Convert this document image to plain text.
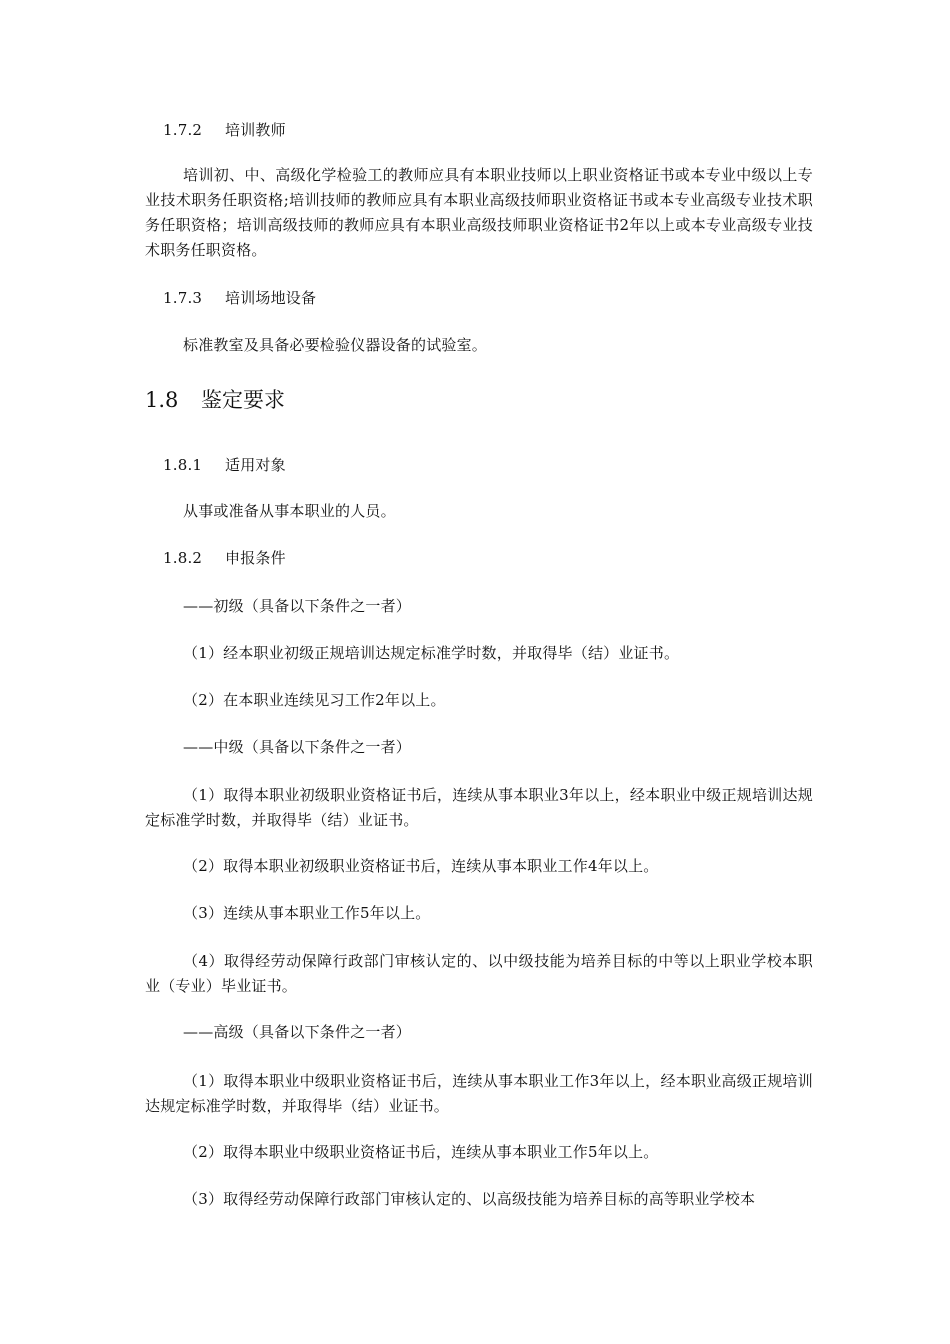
1.7.2 培训教师
培训初、中、高级化学检验工的教师应具有本职业技师以上职业资格证书或本专业中级以上专业技术职务任职资格;培训技师的教师应具有本职业高级技师职业资格证书或本专业高级专业技术职务任职资格；培训高级技师的教师应具有本职业高级技师职业资格证书2年以上或本专业高级专业技术职务任职资格。
1.7.3 培训场地设备
标准教室及具备必要检验仪器设备的试验室。
1.8 鉴定要求
1.8.1 适用对象
从事或准备从事本职业的人员。
1.8.2 申报条件
——初级（具备以下条件之一者）
（1）经本职业初级正规培训达规定标准学时数，并取得毕（结）业证书。
（2）在本职业连续见习工作2年以上。
——中级（具备以下条件之一者）
（1）取得本职业初级职业资格证书后，连续从事本职业3年以上，经本职业中级正规培训达规定标准学时数，并取得毕（结）业证书。
（2）取得本职业初级职业资格证书后，连续从事本职业工作4年以上。
（3）连续从事本职业工作5年以上。
（4）取得经劳动保障行政部门审核认定的、以中级技能为培养目标的中等以上职业学校本职业（专业）毕业证书。
——高级（具备以下条件之一者）
（1）取得本职业中级职业资格证书后，连续从事本职业工作3年以上，经本职业高级正规培训达规定标准学时数，并取得毕（结）业证书。
（2）取得本职业中级职业资格证书后，连续从事本职业工作5年以上。
（3）取得经劳动保障行政部门审核认定的、以高级技能为培养目标的高等职业学校本
